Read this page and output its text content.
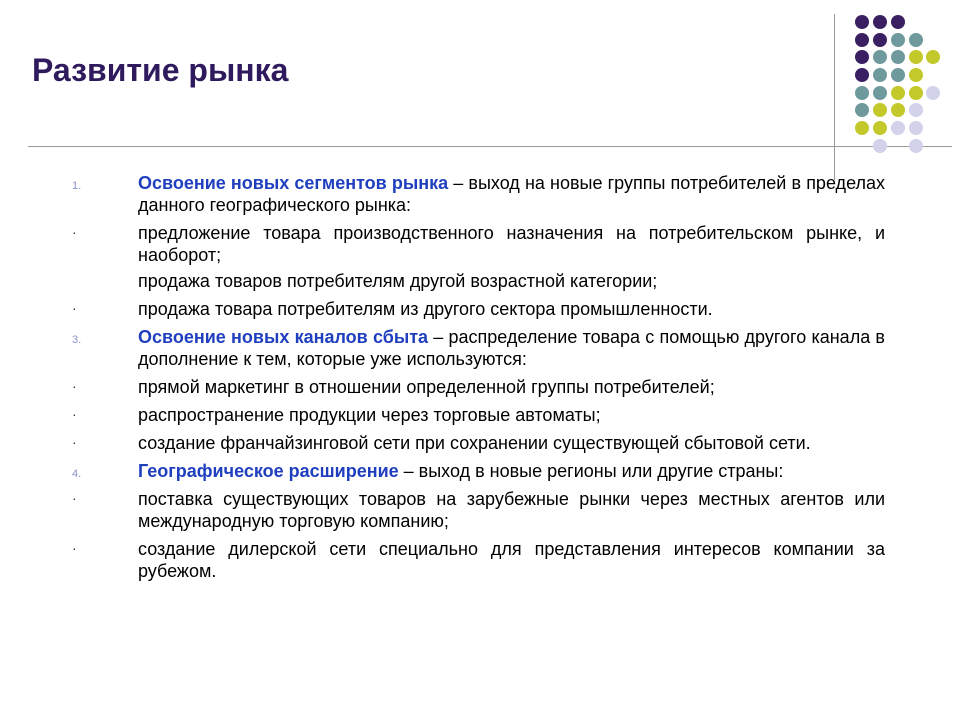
Развитие рынка
1.	Освоение новых сегментов рынка – выход на новые группы потребителей в пределах данного географического рынка:
·	предложение товара производственного назначения на потребительском рынке, и наоборот;
продажа товаров потребителям другой возрастной категории;
·	продажа товара потребителям из другого сектора промышленности.
3.	Освоение новых каналов сбыта – распределение товара с помощью другого канала в дополнение к тем, которые уже используются:
·	прямой маркетинг в отношении определенной группы потребителей;
·	распространение продукции через торговые автоматы;
·	создание франчайзинговой сети при сохранении существующей сбытовой сети.
4.	Географическое расширение – выход в новые регионы или другие страны:
·	поставка существующих товаров на зарубежные рынки через местных агентов или международную торговую компанию;
·	создание дилерской сети специально для представления интересов компании за рубежом.
